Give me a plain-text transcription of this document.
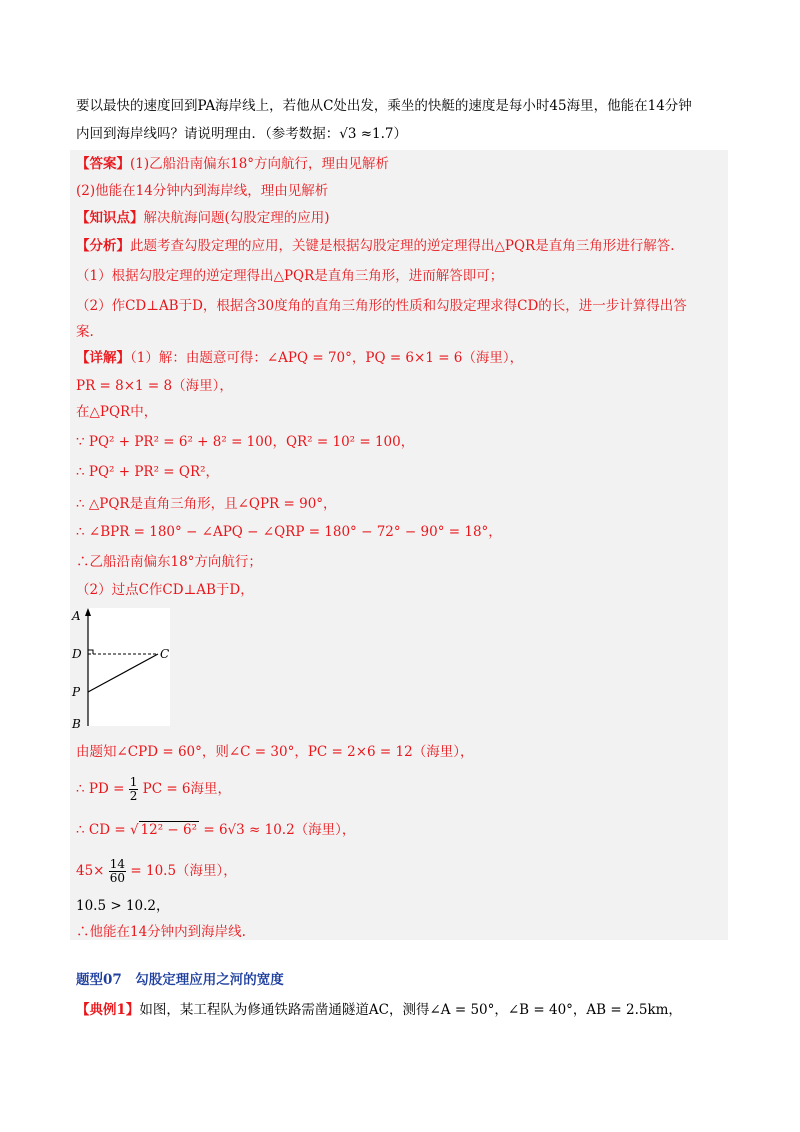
要以最快的速度回到PA海岸线上，若他从C处出发，乘坐的快艇的速度是每小时45海里，他能在14分钟
内回到海岸线吗？请说明理由．（参考数据：√3 ≈1.7）
【答案】(1)乙船沿南偏东18°方向航行，理由见解析
(2)他能在14分钟内到海岸线，理由见解析
【知识点】解决航海问题(勾股定理的应用)
【分析】此题考查勾股定理的应用，关键是根据勾股定理的逆定理得出△PQR是直角三角形进行解答.
（1）根据勾股定理的逆定理得出△PQR是直角三角形，进而解答即可；
（2）作CD⊥AB于D，根据含30度角的直角三角形的性质和勾股定理求得CD的长，进一步计算得出答
案.
【详解】（1）解：由题意可得：∠APQ = 70°，PQ = 6×1 = 6（海里），
PR = 8×1 = 8（海里），
在△PQR中，
∵ PQ² + PR² = 6² + 8² = 100，QR² = 10² = 100，
∴ PQ² + PR² = QR²，
∴ △PQR是直角三角形，且∠QPR = 90°，
∴ ∠BPR = 180° − ∠APQ − ∠QRP = 180° − 72° − 90° = 18°，
∴乙船沿南偏东18°方向航行；
（2）过点C作CD⊥AB于D，
A
D	C
P
B
由题知∠CPD = 60°，则∠C = 30°，PC = 2×6 = 12（海里），
∴ PD = $\frac{1}{2}$ PC = 6海里，
∴ CD = √ 12² − 6² = 6√3 ≈ 10.2（海里），
$45\times \frac{14}{60} = 10.5$（海里），
10.5 > 10.2，
∴他能在14分钟内到海岸线.
题型07　勾股定理应用之河的宽度
【典例1】如图，某工程队为修通铁路需凿通隧道AC，测得∠A = 50°，∠B = 40°，AB = 2.5km，
